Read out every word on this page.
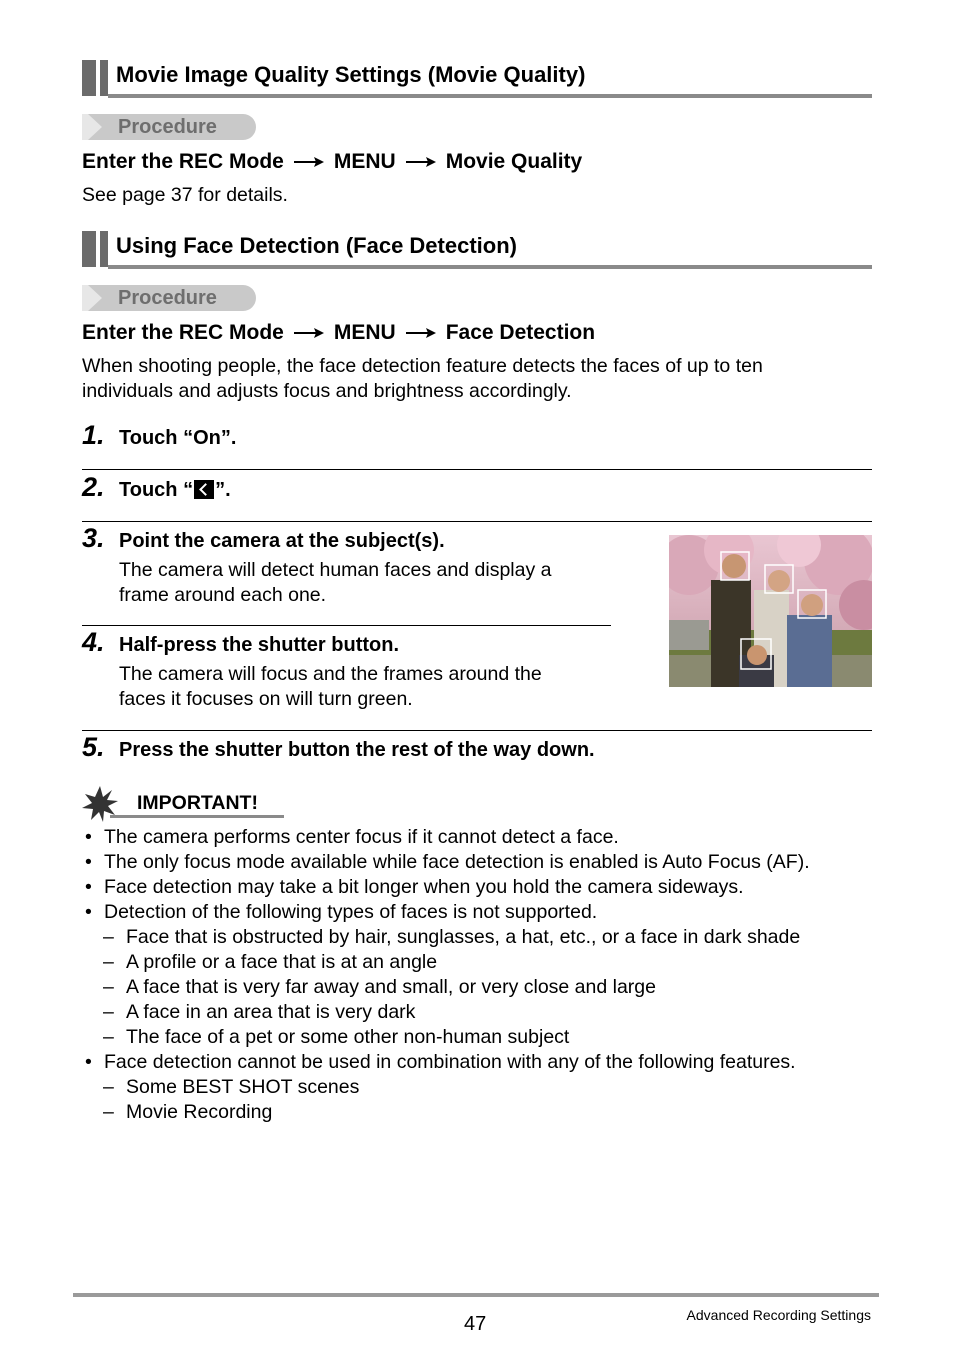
Movie Image Quality Settings (Movie Quality)
Procedure
Enter the REC Mode MENU Movie Quality
See page 37 for details.
Using Face Detection (Face Detection)
Procedure
Enter the REC Mode MENU Face Detection
When shooting people, the face detection feature detects the faces of up to ten
individuals and adjusts focus and brightness accordingly.
1. Touch “On”.
2. Touch “ ”.
3. Point the camera at the subject(s).
The camera will detect human faces and display a
frame around each one.
4. Half-press the shutter button.
The camera will focus and the frames around the
faces it focuses on will turn green.
5. Press the shutter button the rest of the way down.
IMPORTANT!
• The camera performs center focus if it cannot detect a face.
• The only focus mode available while face detection is enabled is Auto Focus (AF).
• Face detection may take a bit longer when you hold the camera sideways.
• Detection of the following types of faces is not supported.
– Face that is obstructed by hair, sunglasses, a hat, etc., or a face in dark shade
– A profile or a face that is at an angle
– A face that is very far away and small, or very close and large
– A face in an area that is very dark
– The face of a pet or some other non-human subject
• Face detection cannot be used in combination with any of the following features.
– Some BEST SHOT scenes
– Movie Recording
47	Advanced Recording Settings
